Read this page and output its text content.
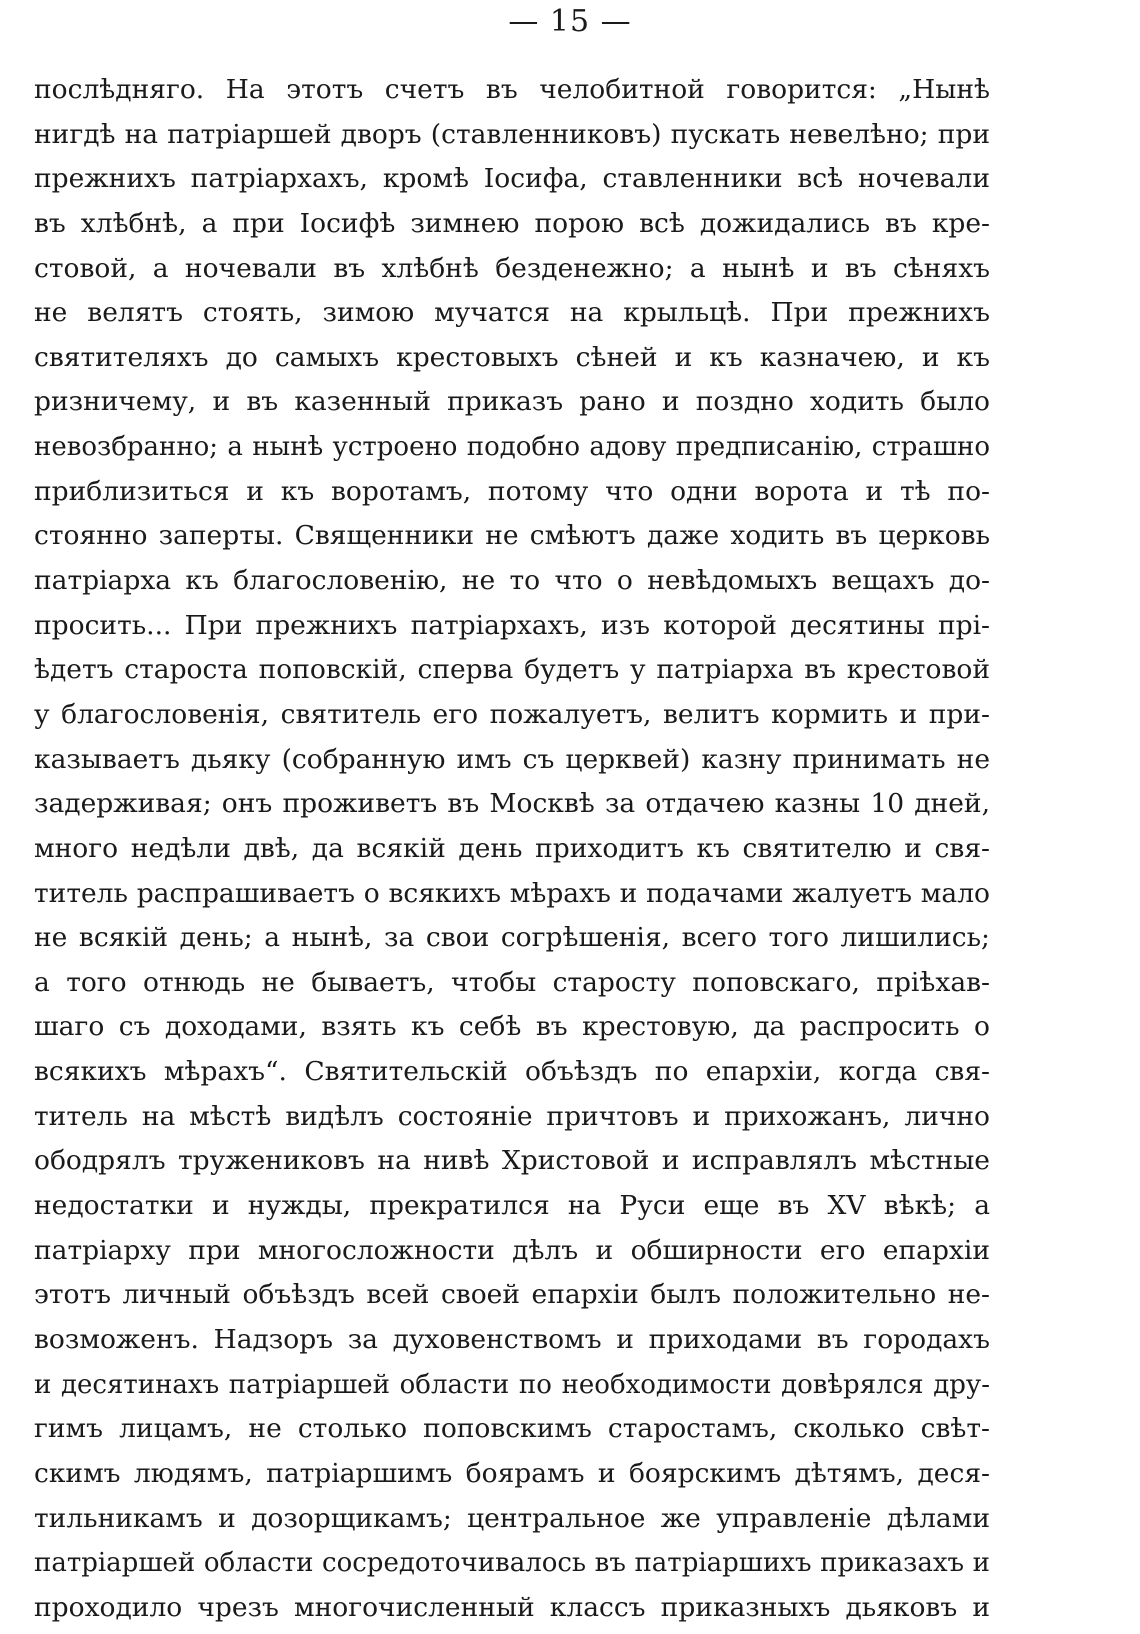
— 15 —
послѣдняго. На этотъ счетъ въ челобитной говорится: „Нынѣ
нигдѣ на патріаршей дворъ (ставленниковъ) пускать невелѣно; при
прежнихъ патріархахъ, кромѣ Іосифа, ставленники всѣ ночевали
въ хлѣбнѣ, а при Іосифѣ зимнею порою всѣ дожидались въ кре-
стовой, а ночевали въ хлѣбнѣ безденежно; а нынѣ и въ сѣняхъ
не велятъ стоять, зимою мучатся на крыльцѣ. При прежнихъ
святителяхъ до самыхъ крестовыхъ сѣней и къ казначею, и къ
ризничему, и въ казенный приказъ рано и поздно ходить было
невозбранно; а нынѣ устроено подобно адову предписанію, страшно
приблизиться и къ воротамъ, потому что одни ворота и тѣ по-
стоянно заперты. Священники не смѣютъ даже ходить въ церковь
патріарха къ благословенію, не то что о невѣдомыхъ вещахъ до-
просить... При прежнихъ патріархахъ, изъ которой десятины прі-
ѣдетъ староста поповскій, сперва будетъ у патріарха въ крестовой
у благословенія, святитель его пожалуетъ, велитъ кормить и при-
казываетъ дьяку (собранную имъ съ церквей) казну принимать не
задерживая; онъ проживетъ въ Москвѣ за отдачею казны 10 дней,
много недѣли двѣ, да всякій день приходитъ къ святителю и свя-
титель распрашиваетъ о всякихъ мѣрахъ и подачами жалуетъ мало
не всякій день; а нынѣ, за свои согрѣшенія, всего того лишились;
а того отнюдь не бываетъ, чтобы старосту поповскаго, пріѣхав-
шаго съ доходами, взять къ себѣ въ крестовую, да распросить о
всякихъ мѣрахъ“. Святительскій объѣздъ по епархіи, когда свя-
титель на мѣстѣ видѣлъ состояніе причтовъ и прихожанъ, лично
ободрялъ тружениковъ на нивѣ Христовой и исправлялъ мѣстные
недостатки и нужды, прекратился на Руси еще въ XV вѣкѣ; а
патріарху при многосложности дѣлъ и обширности его епархіи
этотъ личный объѣздъ всей своей епархіи былъ положительно не-
возможенъ. Надзоръ за духовенствомъ и приходами въ городахъ
и десятинахъ патріаршей области по необходимости довѣрялся дру-
гимъ лицамъ, не столько поповскимъ старостамъ, сколько свѣт-
скимъ людямъ, патріаршимъ боярамъ и боярскимъ дѣтямъ, деся-
тильникамъ и дозорщикамъ; центральное же управленіе дѣлами
патріаршей области сосредоточивалось въ патріаршихъ приказахъ и
проходило чрезъ многочисленный классъ приказныхъ дьяковъ и
